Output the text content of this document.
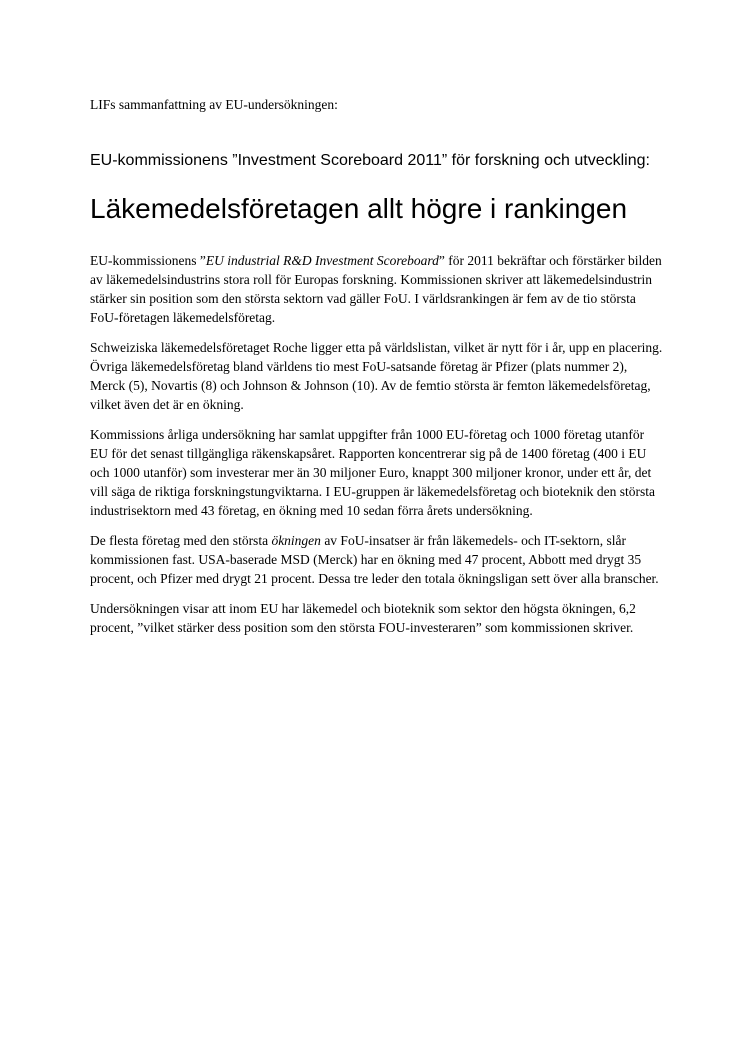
LIFs sammanfattning av EU-undersökningen:

EU-kommissionens ”Investment Scoreboard 2011” för forskning och utveckling:
Läkemedelsföretagen allt högre i rankingen

EU-kommissionens ”EU industrial R&D Investment Scoreboard” för 2011 bekräftar och förstärker bilden av läkemedelsindustrins stora roll för Europas forskning. Kommissionen skriver att läkemedelsindustrin stärker sin position som den största sektorn vad gäller FoU. I världsrankingen är fem av de tio största FoU-företagen läkemedelsföretag.

Schweiziska läkemedelsföretaget Roche ligger etta på världslistan, vilket är nytt för i år, upp en placering. Övriga läkemedelsföretag bland världens tio mest FoU-satsande företag är Pfizer (plats nummer 2), Merck (5), Novartis (8) och Johnson & Johnson (10). Av de femtio största är femton läkemedelsföretag, vilket även det är en ökning.

Kommissions årliga undersökning har samlat uppgifter från 1000 EU-företag och 1000 företag utanför EU för det senast tillgängliga räkenskapsåret. Rapporten koncentrerar sig på de 1400 företag (400 i EU och 1000 utanför) som investerar mer än 30 miljoner Euro, knappt 300 miljoner kronor, under ett år, det vill säga de riktiga forskningstungviktarna. I EU-gruppen är läkemedelsföretag och bioteknik den största industrisektorn med 43 företag, en ökning med 10 sedan förra årets undersökning.

De flesta företag med den största ökningen av FoU-insatser är från läkemedels- och IT-sektorn, slår kommissionen fast. USA-baserade MSD (Merck) har en ökning med 47 procent, Abbott med drygt 35 procent, och Pfizer med drygt 21 procent. Dessa tre leder den totala ökningsligan sett över alla branscher.

Undersökningen visar att inom EU har läkemedel och bioteknik som sektor den högsta ökningen, 6,2 procent, ”vilket stärker dess position som den största FOU-investeraren” som kommissionen skriver.
